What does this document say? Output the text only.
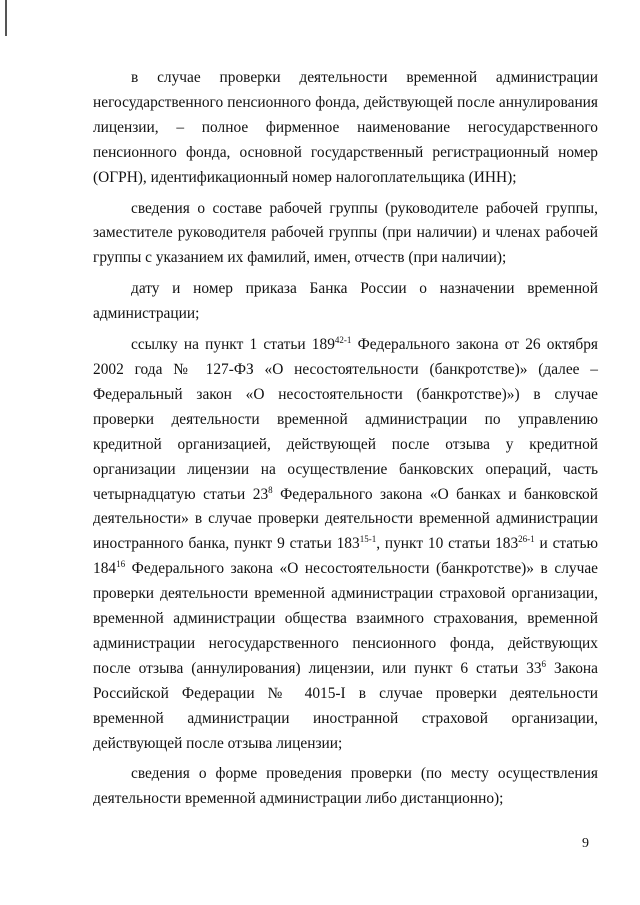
в случае проверки деятельности временной администрации негосударственного пенсионного фонда, действующей после аннулирования лицензии, – полное фирменное наименование негосударственного пенсионного фонда, основной государственный регистрационный номер (ОГРН), идентификационный номер налогоплательщика (ИНН);

сведения о составе рабочей группы (руководителе рабочей группы, заместителе руководителя рабочей группы (при наличии) и членах рабочей группы с указанием их фамилий, имен, отчеств (при наличии);

дату и номер приказа Банка России о назначении временной администрации;

ссылку на пункт 1 статьи 189$^{42-1}$ Федерального закона от 26 октября 2002 года № 127-ФЗ «О несостоятельности (банкротстве)» (далее – Федеральный закон «О несостоятельности (банкротстве)») в случае проверки деятельности временной администрации по управлению кредитной организацией, действующей после отзыва у кредитной организации лицензии на осуществление банковских операций, часть четырнадцатую статьи $23^8$ Федерального закона «О банках и банковской деятельности» в случае проверки деятельности временной администрации иностранного банка, пункт 9 статьи 183$^{15-1}$, пункт 10 статьи 183$^{26-1}$ и статью $184^{16}$ Федерального закона «О несостоятельности (банкротстве)» в случае проверки деятельности временной администрации страховой организации, временной администрации общества взаимного страхования, временной администрации негосударственного пенсионного фонда, действующих после отзыва (аннулирования) лицензии, или пункт 6 статьи $33^6$ Закона Российской Федерации № 4015-I в случае проверки деятельности временной администрации иностранной страховой организации, действующей после отзыва лицензии;

сведения о форме проведения проверки (по месту осуществления деятельности временной администрации либо дистанционно);

9
